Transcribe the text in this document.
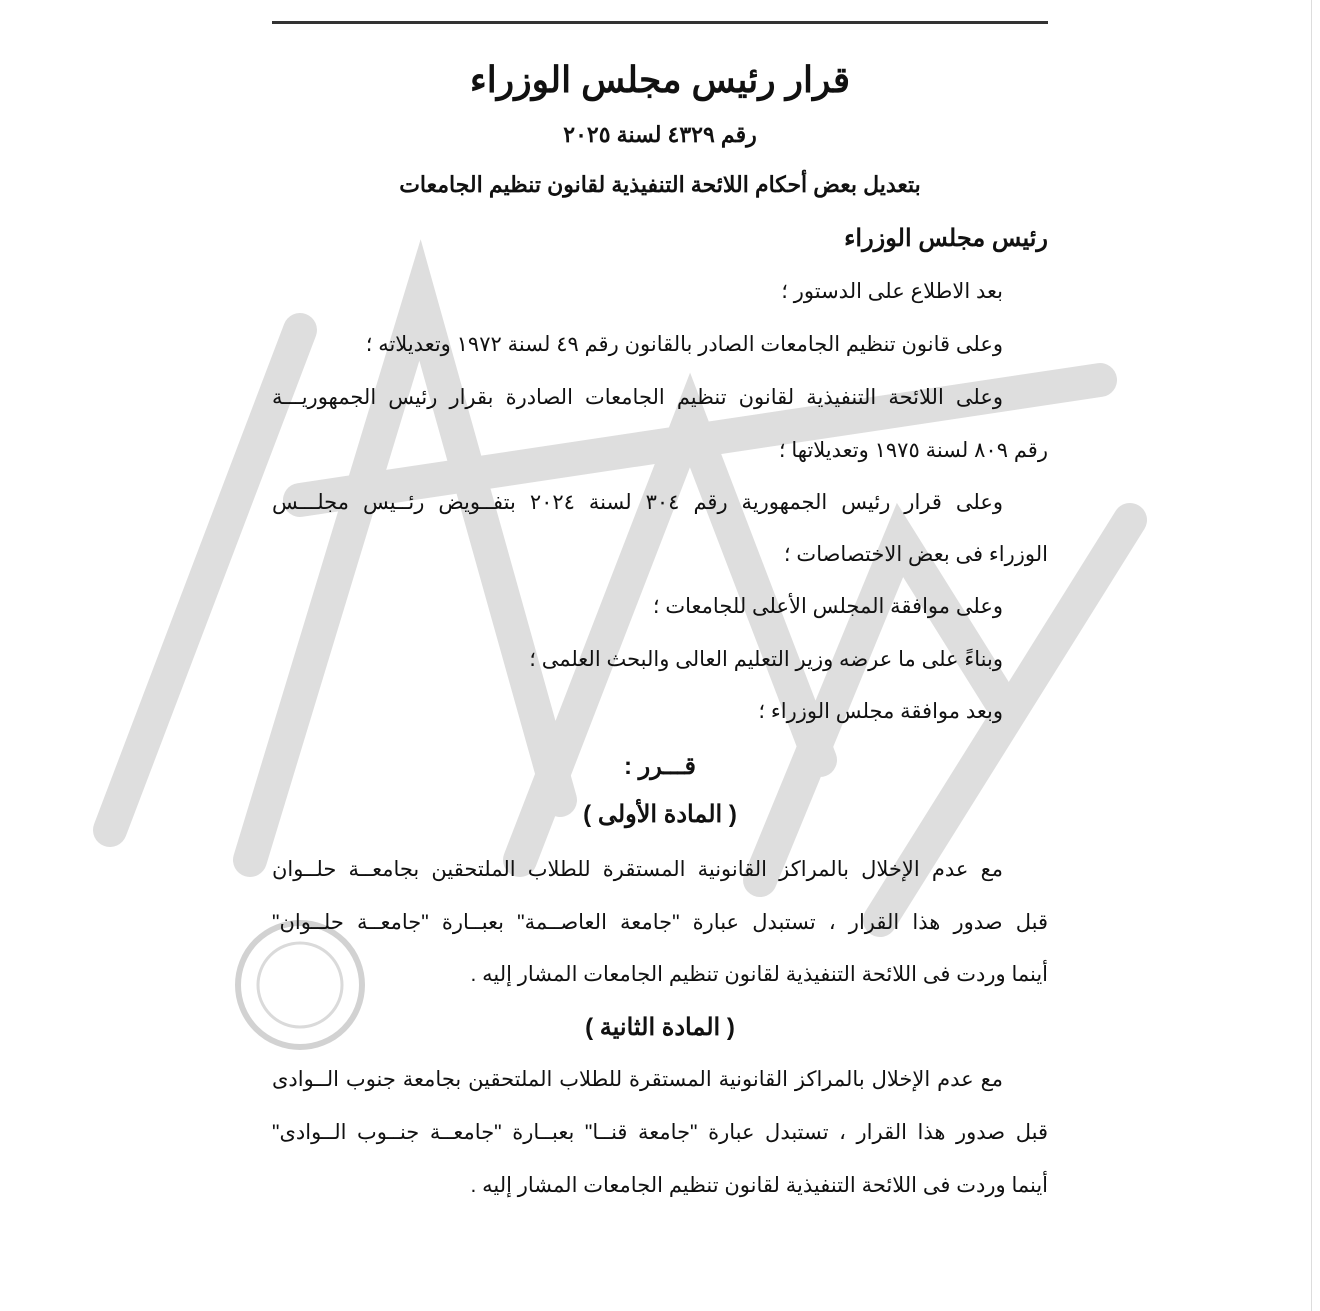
قرار رئيس مجلس الوزراء
رقم ٤٣٢٩ لسنة ٢٠٢٥
بتعديل بعض أحكام اللائحة التنفيذية لقانون تنظيم الجامعات
رئيس مجلس الوزراء
بعد الاطلاع على الدستور ؛
وعلى قانون تنظيم الجامعات الصادر بالقانون رقم ٤٩ لسنة ١٩٧٢ وتعديلاته ؛
وعلى اللائحة التنفيذية لقانون تنظيم الجامعات الصادرة بقرار رئيس الجمهوريـــة
رقم ٨٠٩ لسنة ١٩٧٥ وتعديلاتها ؛
وعلى قرار رئيس الجمهورية رقم ٣٠٤ لسنة ٢٠٢٤ بتفــويض رئــيس مجلـــس
الوزراء فى بعض الاختصاصات ؛
وعلى موافقة المجلس الأعلى للجامعات ؛
وبناءً على ما عرضه وزير التعليم العالى والبحث العلمى ؛
وبعد موافقة مجلس الوزراء ؛
قـــرر :
( المادة الأولى )
مع عدم الإخلال بالمراكز القانونية المستقرة للطلاب الملتحقين بجامعــة حلــوان
قبل صدور هذا القرار ، تستبدل عبارة "جامعة العاصــمة" بعبــارة "جامعــة حلــوان"
أينما وردت فى اللائحة التنفيذية لقانون تنظيم الجامعات المشار إليه .
( المادة الثانية )
مع عدم الإخلال بالمراكز القانونية المستقرة للطلاب الملتحقين بجامعة جنوب الــوادى
قبل صدور هذا القرار ، تستبدل عبارة "جامعة قنــا" بعبــارة "جامعــة جنــوب الــوادى"
أينما وردت فى اللائحة التنفيذية لقانون تنظيم الجامعات المشار إليه .
